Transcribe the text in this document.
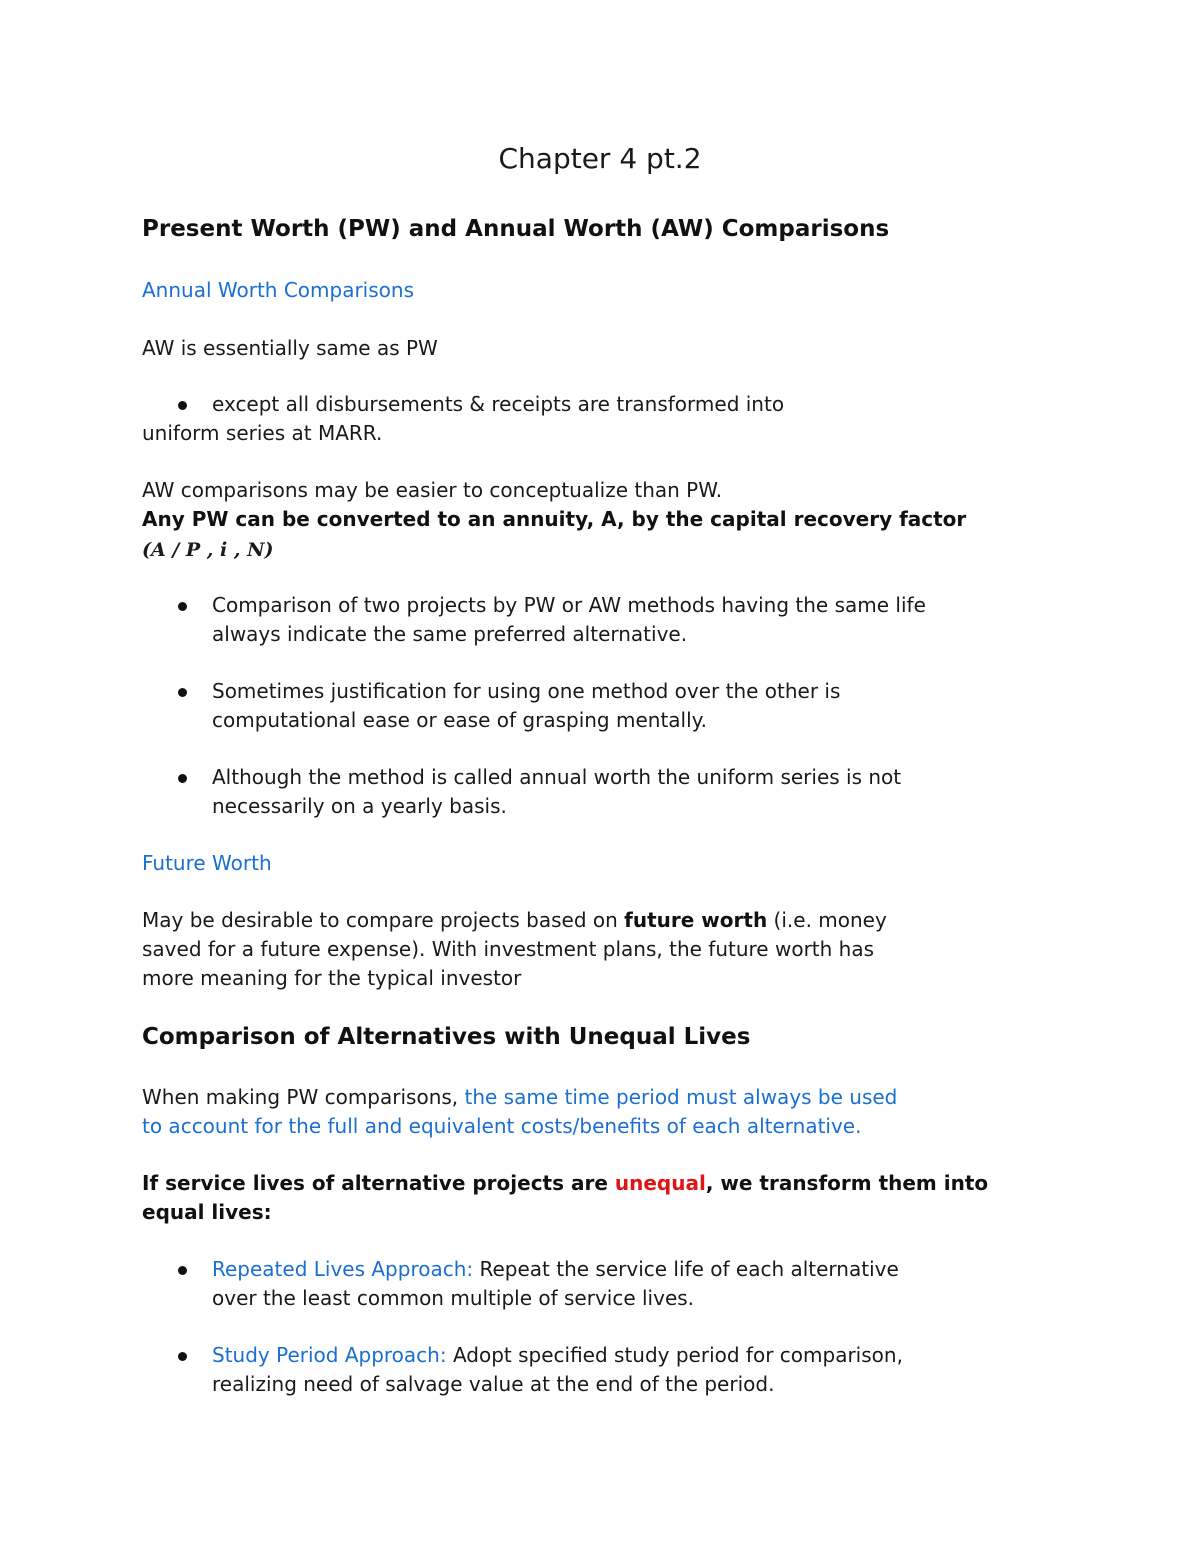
Chapter 4 pt.2
Present Worth (PW) and Annual Worth (AW) Comparisons
Annual Worth Comparisons
AW is essentially same as PW
except all disbursements & receipts are transformed into
uniform series at MARR.
AW comparisons may be easier to conceptualize than PW.
Any PW can be converted to an annuity, A, by the capital recovery factor
(A / P , i , N)
Comparison of two projects by PW or AW methods having the same life
always indicate the same preferred alternative.
Sometimes justification for using one method over the other is
computational ease or ease of grasping mentally.
Although the method is called annual worth the uniform series is not
necessarily on a yearly basis.
Future Worth
May be desirable to compare projects based on future worth (i.e. money
saved for a future expense). With investment plans, the future worth has
more meaning for the typical investor
Comparison of Alternatives with Unequal Lives
When making PW comparisons, the same time period must always be used
to account for the full and equivalent costs/benefits of each alternative.
If service lives of alternative projects are unequal, we transform them into
equal lives:
Repeated Lives Approach: Repeat the service life of each alternative
over the least common multiple of service lives.
Study Period Approach: Adopt specified study period for comparison,
realizing need of salvage value at the end of the period.
